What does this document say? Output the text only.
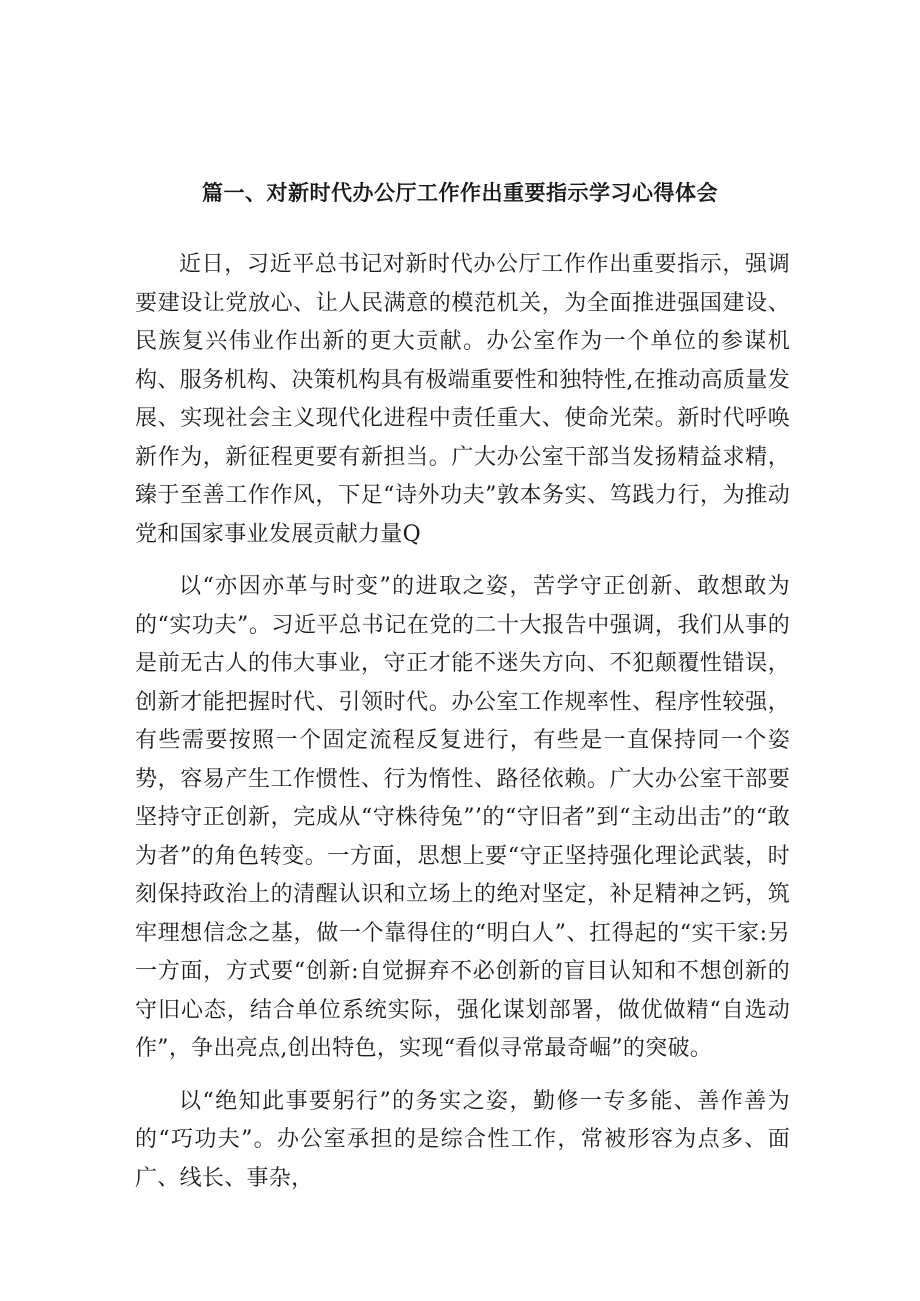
篇一、对新时代办公厅工作作出重要指示学习心得体会

近日，习近平总书记对新时代办公厅工作作出重要指示，强调要建设让党放心、让人民满意的模范机关，为全面推进强国建设、民族复兴伟业作出新的更大贡献。办公室作为一个单位的参谋机构、服务机构、决策机构具有极端重要性和独特性,在推动高质量发展、实现社会主义现代化进程中责任重大、使命光荣。新时代呼唤新作为，新征程更要有新担当。广大办公室干部当发扬精益求精，臻于至善工作作风，下足“诗外功夫”敦本务实、笃践力行，为推动党和国家事业发展贡献力量Q

以“亦因亦革与时变”的进取之姿，苦学守正创新、敢想敢为的“实功夫”。习近平总书记在党的二十大报告中强调，我们从事的是前无古人的伟大事业，守正才能不迷失方向、不犯颠覆性错误，创新才能把握时代、引领时代。办公室工作规率性、程序性较强，有些需要按照一个固定流程反复进行，有些是一直保持同一个姿势，容易产生工作惯性、行为惰性、路径依赖。广大办公室干部要坚持守正创新，完成从“守株待兔”’的“守旧者”到“主动出击”的“敢为者”的角色转变。一方面，思想上要“守正坚持强化理论武装，时刻保持政治上的清醒认识和立场上的绝对坚定，补足精神之钙，筑牢理想信念之基，做一个靠得住的“明白人”、扛得起的“实干家:另一方面，方式要“创新:自觉摒弃不必创新的盲目认知和不想创新的守旧心态，结合单位系统实际，强化谋划部署，做优做精“自选动作”，争出亮点,创出特色，实现“看似寻常最奇崛”的突破。

以“绝知此事要躬行”的务实之姿，勤修一专多能、善作善为的“巧功夫”。办公室承担的是综合性工作，常被形容为点多、面广、线长、事杂，
